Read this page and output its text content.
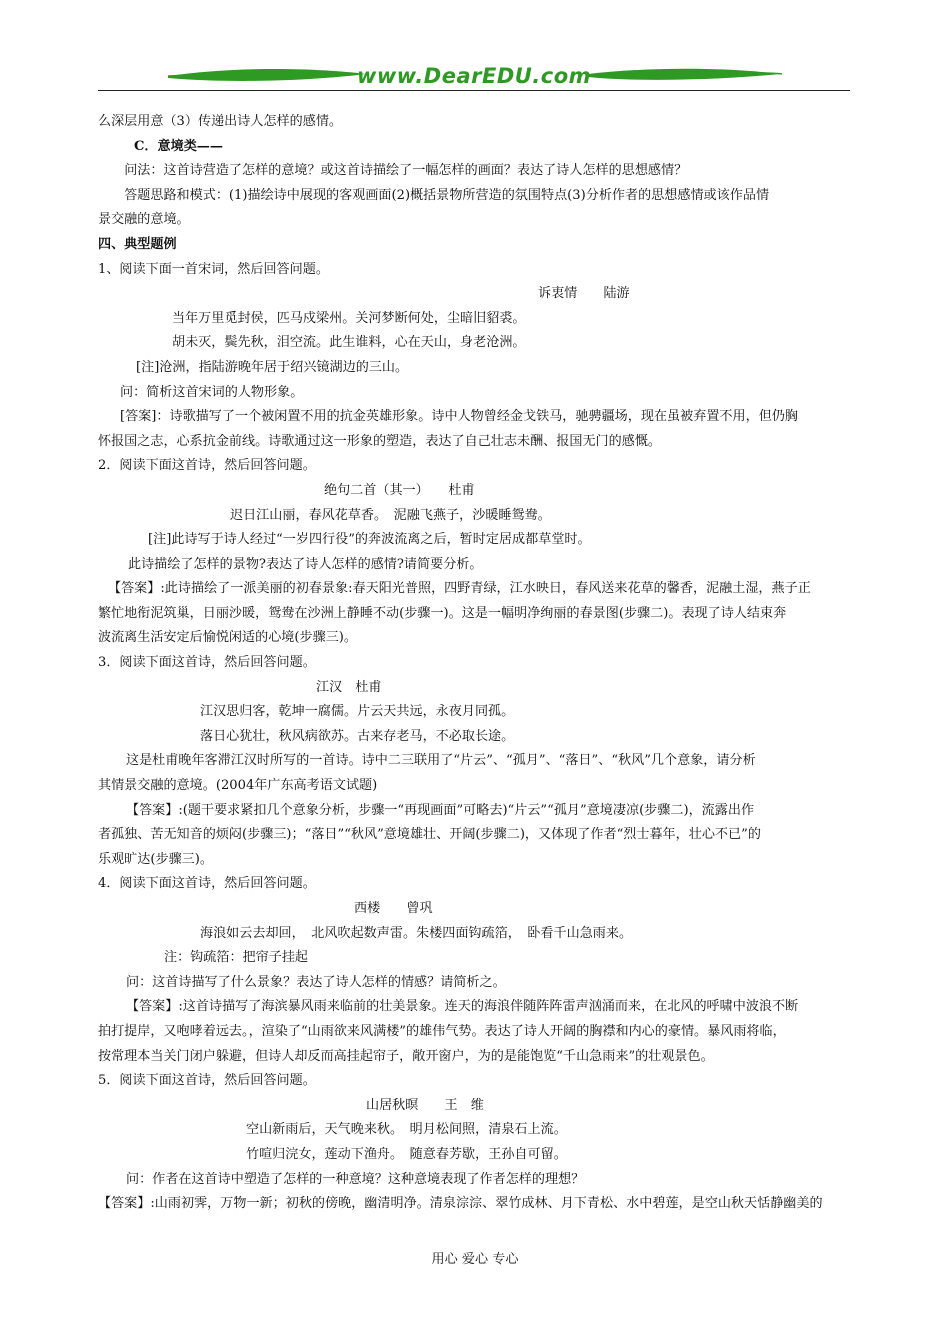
www.DearEDU.com

么深层用意（3）传递出诗人怎样的感情。

C．意境类——

问法：这首诗营造了怎样的意境？或这首诗描绘了一幅怎样的画面？表达了诗人怎样的思想感情？

答题思路和模式：(1)描绘诗中展现的客观画面(2)概括景物所营造的氛围特点(3)分析作者的思想感情或该作品情

景交融的意境。

四、典型题例

1、阅读下面一首宋词，然后回答问题。

诉衷情　　陆游

当年万里觅封侯，匹马戍梁州。关河梦断何处，尘暗旧貂裘。

胡未灭，鬓先秋，泪空流。此生谁料，心在天山，身老沧洲。

[注]沧洲，指陆游晚年居于绍兴镜湖边的三山。

问：简析这首宋词的人物形象。

[答案]：诗歌描写了一个被闲置不用的抗金英雄形象。诗中人物曾经金戈铁马，驰骋疆场，现在虽被弃置不用，但仍胸

怀报国之志，心系抗金前线。诗歌通过这一形象的塑造，表达了自己壮志未酬、报国无门的感慨。

2．阅读下面这首诗，然后回答问题。

绝句二首（其一）　　杜甫

迟日江山丽，春风花草香。　泥融飞燕子，沙暖睡鸳鸯。

[注]此诗写于诗人经过“一岁四行役”的奔波流离之后，暂时定居成都草堂时。

此诗描绘了怎样的景物?表达了诗人怎样的感情?请简要分析。

【答案】:此诗描绘了一派美丽的初春景象:春天阳光普照，四野青绿，江水映日，春风送来花草的馨香，泥融土湿，燕子正

繁忙地衔泥筑巢，日丽沙暖，鸳鸯在沙洲上静睡不动(步骤一)。这是一幅明净绚丽的春景图(步骤二)。表现了诗人结束奔

波流离生活安定后愉悦闲适的心境(步骤三)。

3．阅读下面这首诗，然后回答问题。

江汉　杜甫

江汉思归客，乾坤一腐儒。片云天共远，永夜月同孤。

落日心犹壮，秋风病欲苏。古来存老马，不必取长途。

这是杜甫晚年客滞江汉时所写的一首诗。诗中二三联用了“片云”、“孤月”、“落日”、“秋风”几个意象，请分析

其情景交融的意境。(2004年广东高考语文试题)

【答案】:(题干要求紧扣几个意象分析，步骤一“再现画面”可略去)“片云”“孤月”意境凄凉(步骤二)，流露出作

者孤独、苦无知音的烦闷(步骤三)；“落日”“秋风”意境雄壮、开阔(步骤二)，又体现了作者“烈士暮年，壮心不已”的

乐观旷达(步骤三)。

4．阅读下面这首诗，然后回答问题。

西楼　　曾巩

海浪如云去却回，　北风吹起数声雷。朱楼四面钩疏箔，　卧看千山急雨来。

注：钩疏箔：把帘子挂起

问：这首诗描写了什么景象？表达了诗人怎样的情感？请简析之。

【答案】:这首诗描写了海滨暴风雨来临前的壮美景象。连天的海浪伴随阵阵雷声汹涌而来，在北风的呼啸中波浪不断

拍打提岸，又咆哮着远去。，渲染了“山雨欲来风满楼”的雄伟气势。表达了诗人开阔的胸襟和内心的豪情。暴风雨将临，

按常理本当关门闭户躲避，但诗人却反而高挂起帘子，敞开窗户，为的是能饱览“千山急雨来”的壮观景色。

5．阅读下面这首诗，然后回答问题。

山居秋暝　　王　维

空山新雨后，天气晚来秋。　明月松间照，清泉石上流。

竹喧归浣女，莲动下渔舟。　随意春芳歇，王孙自可留。

问：作者在这首诗中塑造了怎样的一种意境？这种意境表现了作者怎样的理想？

【答案】:山雨初霁，万物一新；初秋的傍晚，幽清明净。清泉淙淙、翠竹成林、月下青松、水中碧莲，是空山秋天恬静幽美的

用心 爱心 专心
